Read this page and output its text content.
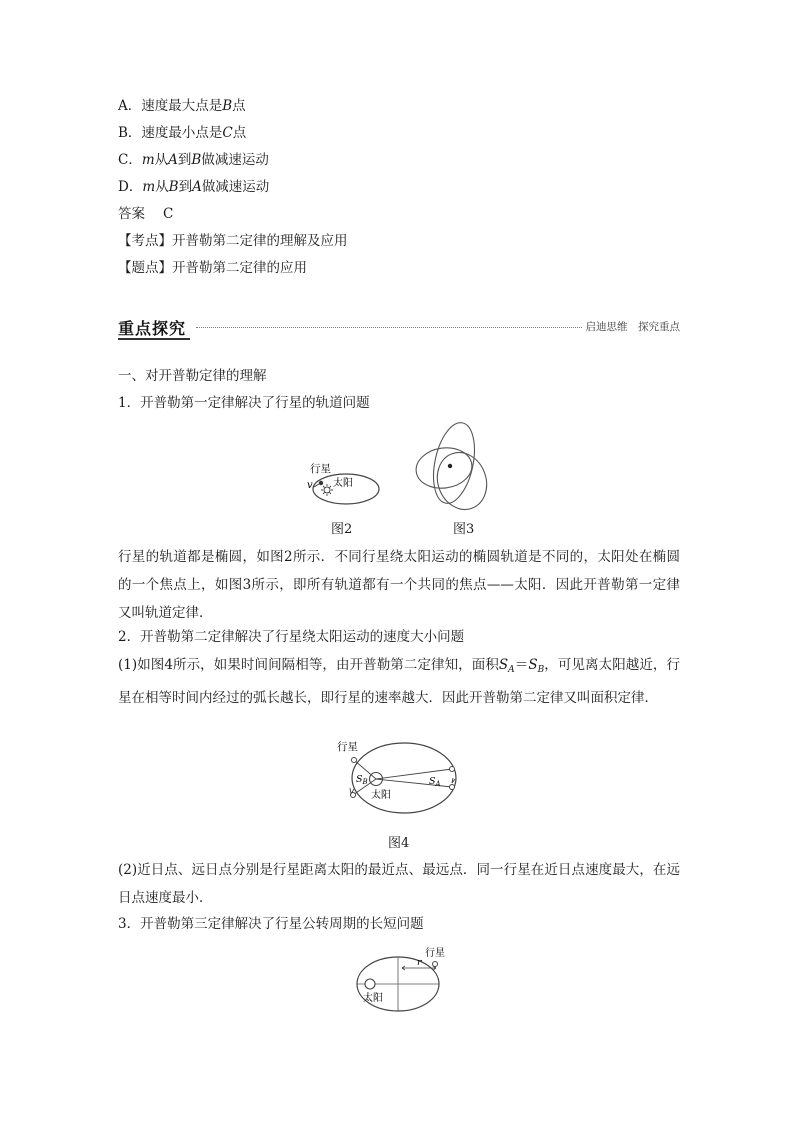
A．速度最大点是B点
B．速度最小点是C点
C．m从A到B做减速运动
D．m从B到A做减速运动
答案 C
【考点】开普勒第二定律的理解及应用
【题点】开普勒第二定律的应用
重点探究	启迪思维　探究重点
一、对开普勒定律的理解
1．开普勒第一定律解决了行星的轨道问题
行星
v 太阳
图2	图3
行星的轨道都是椭圆，如图2所示．不同行星绕太阳运动的椭圆轨道是不同的，太阳处在椭圆的一个焦点上，如图3所示，即所有轨道都有一个共同的焦点——太阳．因此开普勒第一定律又叫轨道定律．
2．开普勒第二定律解决了行星绕太阳运动的速度大小问题
(1)如图4所示，如果时间间隔相等，由开普勒第二定律知，面积$S_A=S_B$，可见离太阳越近，行星在相等时间内经过的弧长越长，即行星的速率越大．因此开普勒第二定律又叫面积定律．
行星
太阳
$S_B$	$S_A$
图4
(2)近日点、远日点分别是行星距离太阳的最近点、最远点．同一行星在近日点速度最大，在远日点速度最小．
3．开普勒第三定律解决了行星公转周期的长短问题
行星
太阳
r
